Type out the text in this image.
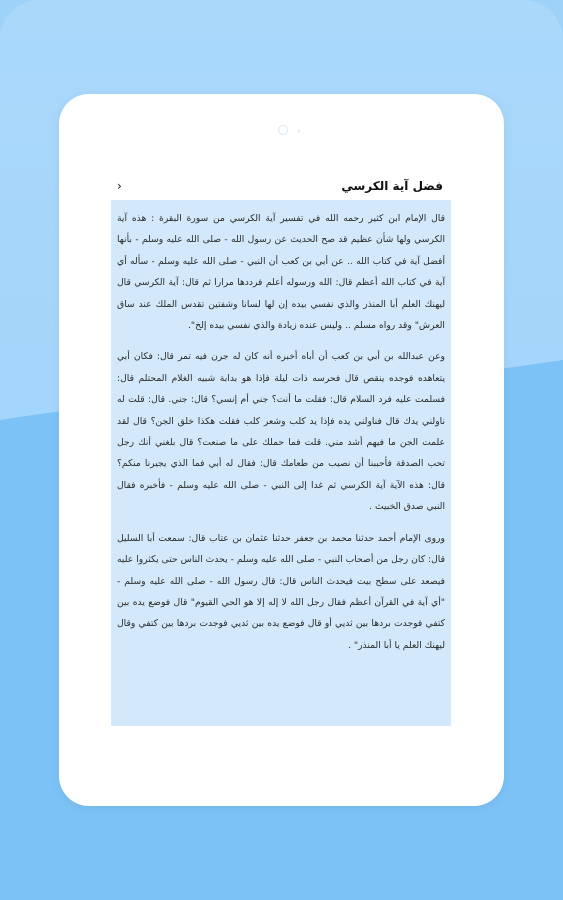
›	فضل آية الكرسي

قال الإمام ابن كثير رحمه الله في تفسير آية الكرسي من سورة البقرة : هذه آية الكرسي ولها شأن عظيم قد صح الحديث عن رسول الله - صلى الله عليه وسلم - بأنها أفضل آية في كتاب الله .. عن أبي بن كعب أن النبي - صلى الله عليه وسلم - سأله أي آية في كتاب الله أعظم قال: الله ورسوله أعلم فرددها مرارا ثم قال: آية الكرسي قال ليهنك العلم أبا المنذر والذي نفسي بيده إن لها لسانا وشفتين تقدس الملك عند ساق العرش" وقد رواه مسلم .. وليس عنده زيادة والذي نفسي بيده إلخ".

وعن عبدالله بن أبي بن كعب أن أباه أخبره أنه كان له جرن فيه تمر قال: فكان أبي يتعاهده فوجده ينقص قال فحرسه ذات ليلة فإذا هو بدابة شبيه الغلام المحتلم قال: فسلمت عليه فرد السلام قال: فقلت ما أنت؟ جني أم إنسي؟ قال: جني. قال: قلت له ناولني يدك قال فناولني يده فإذا يد كلب وشعر كلب فقلت هكذا خلق الجن؟ قال لقد علمت الجن ما فيهم أشد مني. قلت فما حملك على ما صنعت؟ قال بلغني أنك رجل تحب الصدقة فأحببنا أن نصيب من طعامك قال: فقال له أبي فما الذي يجيرنا منكم؟ قال: هذه الآية آية الكرسي ثم غدا إلى النبي - صلى الله عليه وسلم - فأخبره فقال النبي صدق الخبيث .

وروى الإمام أحمد حدثنا محمد بن جعفر حدثنا عثمان بن عتاب قال: سمعت أبا السليل قال: كان رجل من أصحاب النبي - صلى الله عليه وسلم - يحدث الناس حتى يكثروا عليه فيصعد على سطح بيت فيحدث الناس قال: قال رسول الله - صلى الله عليه وسلم - "أي آية في القرآن أعظم فقال رجل الله لا إله إلا هو الحي القيوم" قال فوضع يده بين كتفي فوجدت بردها بين ثديي أو قال فوضع يده بين ثديي فوجدت بردها بين كتفي وقال ليهنك العلم يا أبا المنذر" .
